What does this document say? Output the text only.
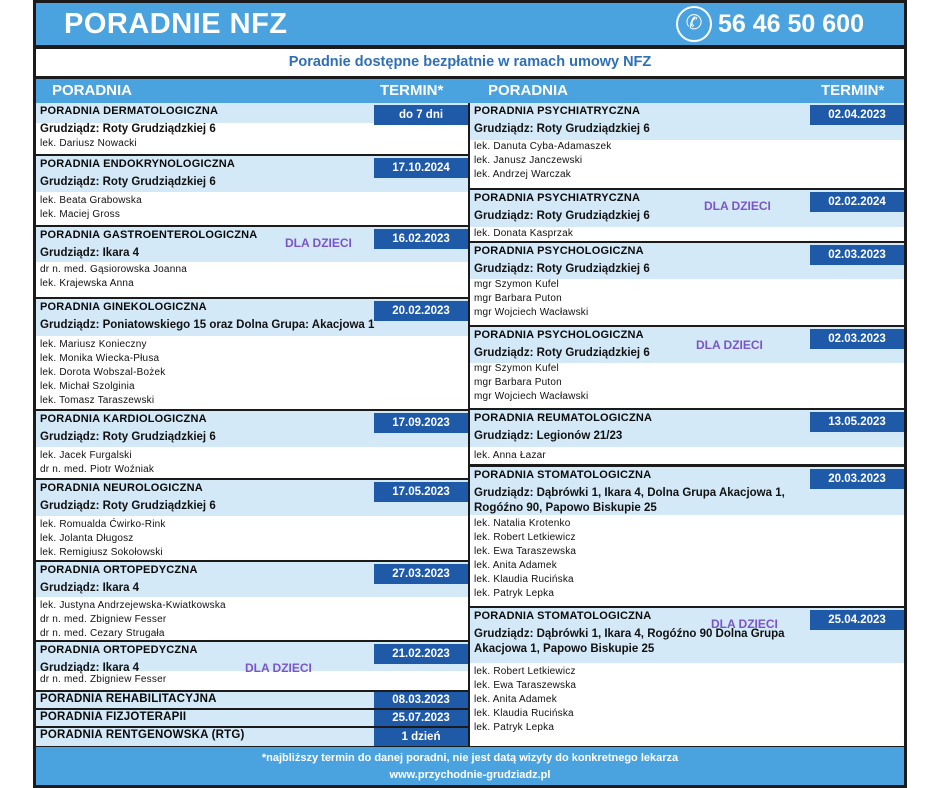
PORADNIE NFZ	✆ 56 46 50 600
Poradnie dostępne bezpłatnie w ramach umowy NFZ
PORADNIA	TERMIN*	PORADNIA	TERMIN*
PORADNIA DERMATOLOGICZNA
Grudziądz: Roty Grudziądzkiej 6
do 7 dni
lek. Dariusz Nowacki
PORADNIA ENDOKRYNOLOGICZNA
Grudziądz: Roty Grudziądzkiej 6
17.10.2024
lek. Beata Grabowska
lek. Maciej Gross
PORADNIA GASTROENTEROLOGICZNA
Grudziądz: Ikara 4
16.02.2023
DLA DZIECI
dr n. med. Gąsiorowska Joanna
lek. Krajewska Anna
PORADNIA GINEKOLOGICZNA
Grudziądz: Poniatowskiego 15 oraz Dolna Grupa: Akacjowa 1
20.02.2023
lek. Mariusz Konieczny
lek. Monika Wiecka-Płusa
lek. Dorota Wobszal-Bożek
lek. Michał Szolginia
lek. Tomasz Taraszewski
PORADNIA KARDIOLOGICZNA
Grudziądz: Roty Grudziądzkiej 6
17.09.2023
lek. Jacek Furgalski
dr n. med. Piotr Woźniak
PORADNIA NEUROLOGICZNA
Grudziądz: Roty Grudziądzkiej 6
17.05.2023
lek. Romualda Ćwirko-Rink
lek. Jolanta Długosz
lek. Remigiusz Sokołowski
PORADNIA ORTOPEDYCZNA
Grudziądz: Ikara 4
27.03.2023
lek. Justyna Andrzejewska-Kwiatkowska
dr n. med. Zbigniew Fesser
dr n. med. Cezary Strugała
PORADNIA ORTOPEDYCZNA
Grudziądz: Ikara 4
21.02.2023
DLA DZIECI
dr n. med. Zbigniew Fesser
PORADNIA REHABILITACYJNA	08.03.2023
PORADNIA FIZJOTERAPII	25.07.2023
PORADNIA RENTGENOWSKA (RTG)	1 dzień
PORADNIA PSYCHIATRYCZNA
Grudziądz: Roty Grudziądzkiej 6
02.04.2023
lek. Danuta Cyba-Adamaszek
lek. Janusz Janczewski
lek. Andrzej Warczak
PORADNIA PSYCHIATRYCZNA
Grudziądz: Roty Grudziądzkiej 6
02.02.2024
DLA DZIECI
lek. Donata Kasprzak
PORADNIA PSYCHOLOGICZNA
Grudziądz: Roty Grudziądzkiej 6
02.03.2023
mgr Szymon Kufel
mgr Barbara Puton
mgr Wojciech Wacławski
PORADNIA PSYCHOLOGICZNA
Grudziądz: Roty Grudziądzkiej 6
02.03.2023
DLA DZIECI
mgr Szymon Kufel
mgr Barbara Puton
mgr Wojciech Wacławski
PORADNIA REUMATOLOGICZNA
Grudziądz: Legionów 21/23
13.05.2023
lek. Anna Łazar
PORADNIA STOMATOLOGICZNA
Grudziądz: Dąbrówki 1, Ikara 4, Dolna Grupa Akacjowa 1, Rogóźno 90, Papowo Biskupie 25
20.03.2023
lek. Natalia Krotenko
lek. Robert Letkiewicz
lek. Ewa Taraszewska
lek. Anita Adamek
lek. Klaudia Rucińska
lek. Patryk Lepka
PORADNIA STOMATOLOGICZNA
Grudziądz: Dąbrówki 1, Ikara 4, Rogóźno 90 Dolna Grupa Akacjowa 1, Papowo Biskupie 25
25.04.2023
DLA DZIECI
lek. Robert Letkiewicz
lek. Ewa Taraszewska
lek. Anita Adamek
lek. Klaudia Rucińska
lek. Patryk Lepka
*najbliższy termin do danej poradni, nie jest datą wizyty do konkretnego lekarza
www.przychodnie-grudziadz.pl
